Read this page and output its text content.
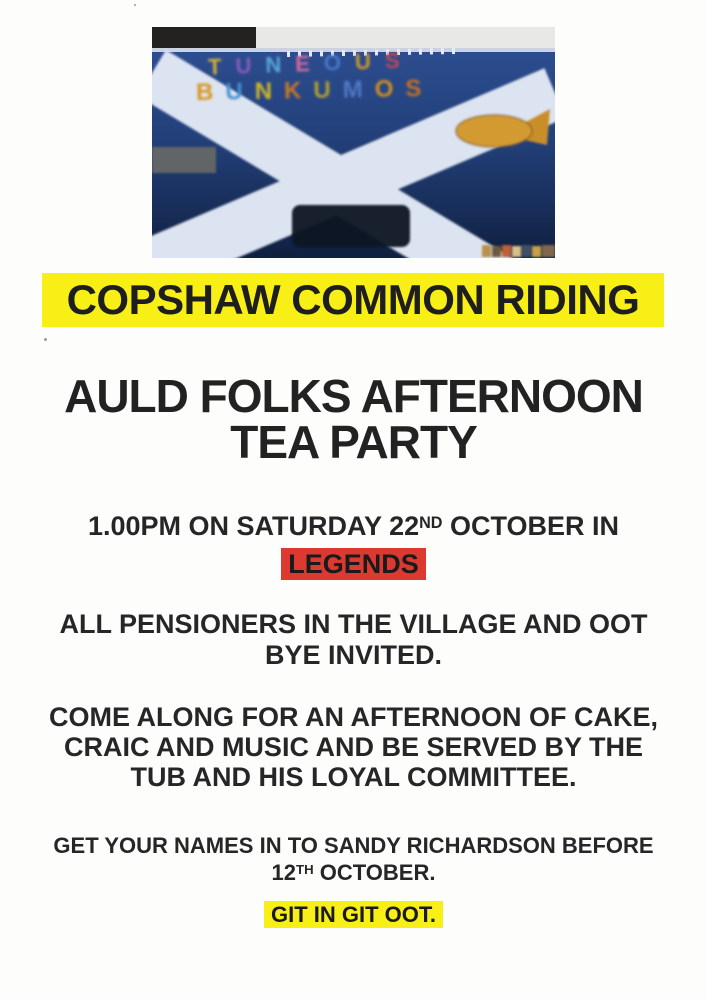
TUNEOUS
BUNKUMOS
COPSHAW COMMON RIDING
AULD FOLKS AFTERNOON
TEA PARTY
1.00PM ON SATURDAY 22ND OCTOBER IN
LEGENDS
ALL PENSIONERS IN THE VILLAGE AND OOT
BYE INVITED.
COME ALONG FOR AN AFTERNOON OF CAKE,
CRAIC AND MUSIC AND BE SERVED BY THE
TUB AND HIS LOYAL COMMITTEE.
GET YOUR NAMES IN TO SANDY RICHARDSON BEFORE
12TH OCTOBER.
GIT IN GIT OOT.
